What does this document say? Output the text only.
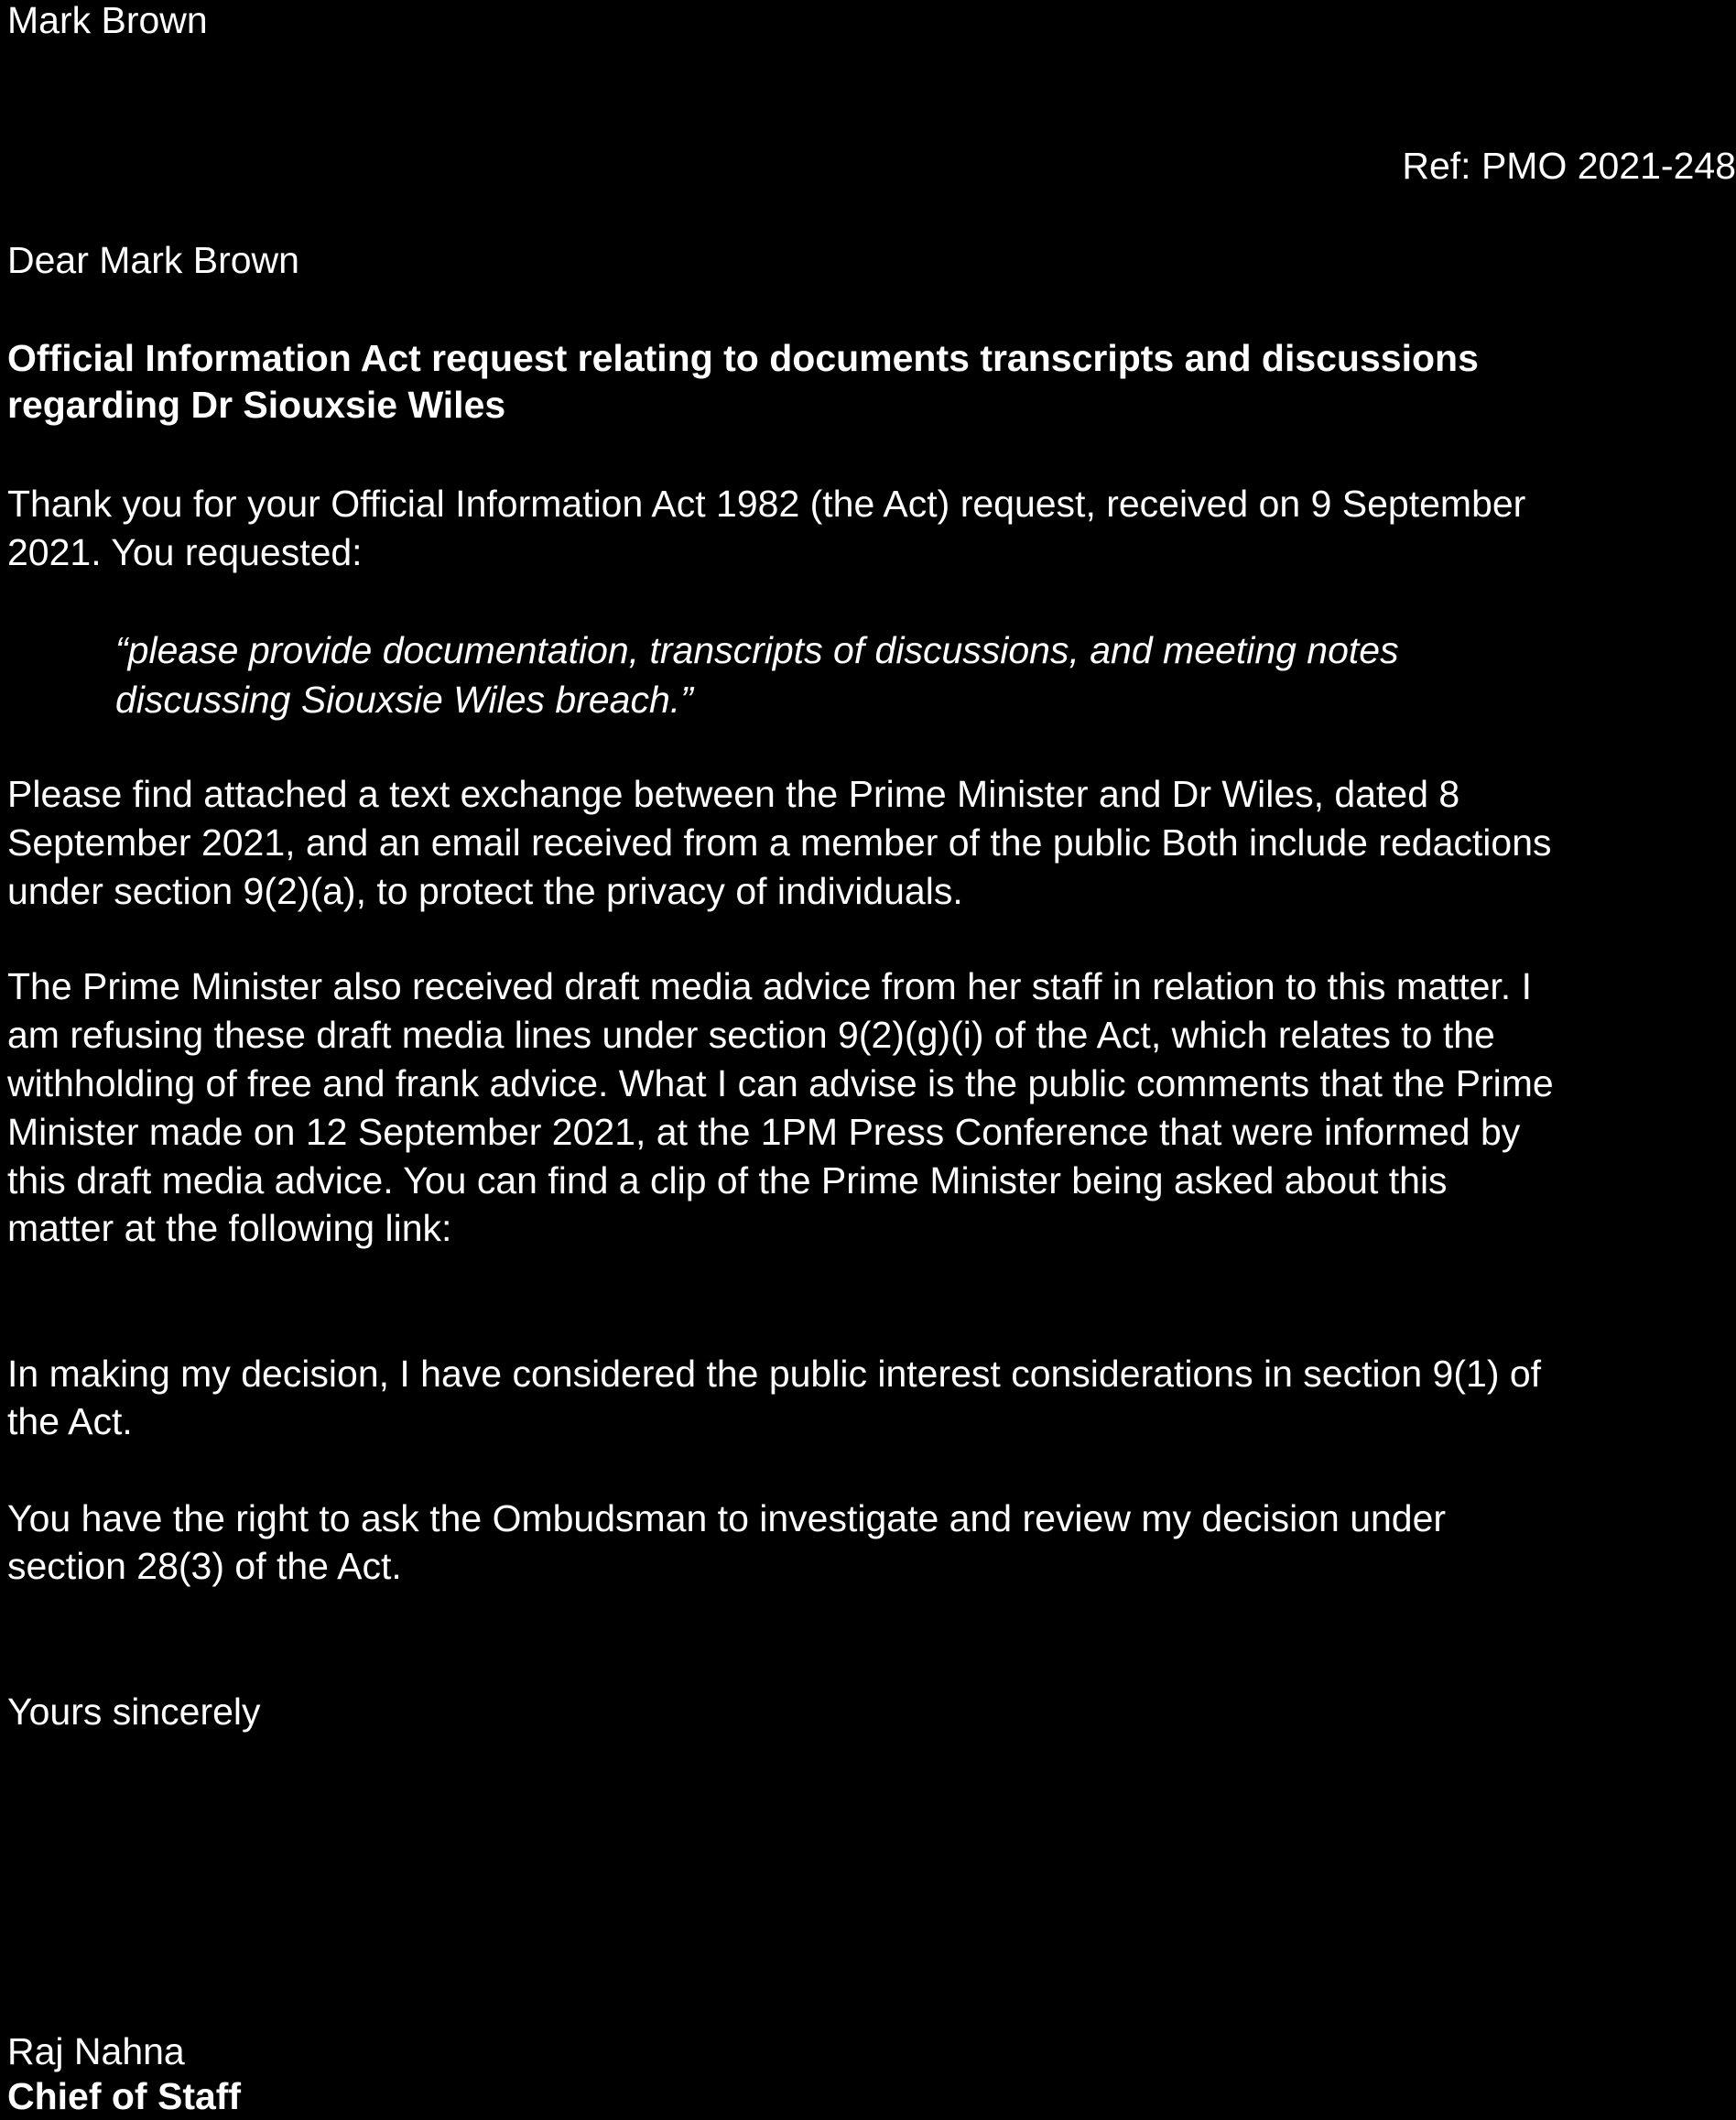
Mark Brown
Ref: PMO 2021-248
Dear Mark Brown
Official Information Act request relating to documents transcripts and discussions
regarding Dr Siouxsie Wiles
Thank you for your Official Information Act 1982 (the Act) request, received on 9 September
2021. You requested:
“please provide documentation, transcripts of discussions, and meeting notes
discussing Siouxsie Wiles breach.”
Please find attached a text exchange between the Prime Minister and Dr Wiles, dated 8
September 2021, and an email received from a member of the public Both include redactions
under section 9(2)(a), to protect the privacy of individuals.
The Prime Minister also received draft media advice from her staff in relation to this matter. I
am refusing these draft media lines under section 9(2)(g)(i) of the Act, which relates to the
withholding of free and frank advice. What I can advise is the public comments that the Prime
Minister made on 12 September 2021, at the 1PM Press Conference that were informed by
this draft media advice. You can find a clip of the Prime Minister being asked about this
matter at the following link:
In making my decision, I have considered the public interest considerations in section 9(1) of
the Act.
You have the right to ask the Ombudsman to investigate and review my decision under
section 28(3) of the Act.
Yours sincerely
Raj Nahna
Chief of Staff
